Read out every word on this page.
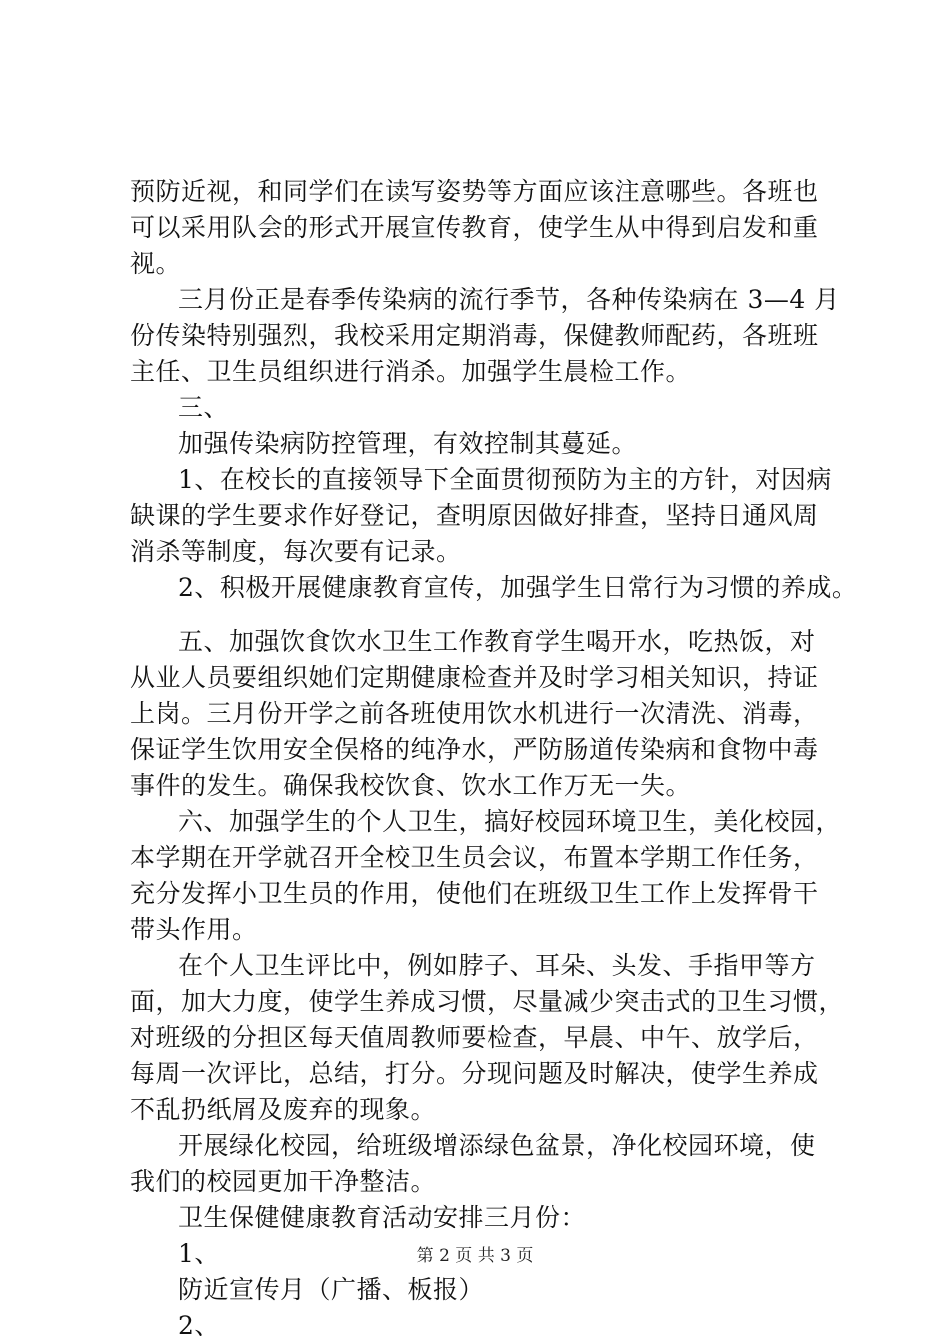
预防近视，和同学们在读写姿势等方面应该注意哪些。各班也
可以采用队会的形式开展宣传教育，使学生从中得到启发和重
视。
三月份正是春季传染病的流行季节，各种传染病在 3—4 月
份传染特别强烈，我校采用定期消毒，保健教师配药，各班班
主任、卫生员组织进行消杀。加强学生晨检工作。
三、
加强传染病防控管理，有效控制其蔓延。
1、在校长的直接领导下全面贯彻预防为主的方针，对因病
缺课的学生要求作好登记，查明原因做好排查，坚持日通风周
消杀等制度，每次要有记录。
2、积极开展健康教育宣传，加强学生日常行为习惯的养成。
五、加强饮食饮水卫生工作教育学生喝开水，吃热饭，对
从业人员要组织她们定期健康检查并及时学习相关知识，持证
上岗。三月份开学之前各班使用饮水机进行一次清洗、消毒，
保证学生饮用安全俣格的纯净水，严防肠道传染病和食物中毒
事件的发生。确保我校饮食、饮水工作万无一失。
六、加强学生的个人卫生，搞好校园环境卫生，美化校园，
本学期在开学就召开全校卫生员会议，布置本学期工作任务，
充分发挥小卫生员的作用，使他们在班级卫生工作上发挥骨干
带头作用。
在个人卫生评比中，例如脖子、耳朵、头发、手指甲等方
面，加大力度，使学生养成习惯，尽量减少突击式的卫生习惯，
对班级的分担区每天值周教师要检查，早晨、中午、放学后，
每周一次评比，总结，打分。分现问题及时解决，使学生养成
不乱扔纸屑及废弃的现象。
开展绿化校园，给班级增添绿色盆景，净化校园环境，使
我们的校园更加干净整洁。
卫生保健健康教育活动安排三月份：
1、
防近宣传月（广播、板报）
2、
第 2 页 共 3 页
